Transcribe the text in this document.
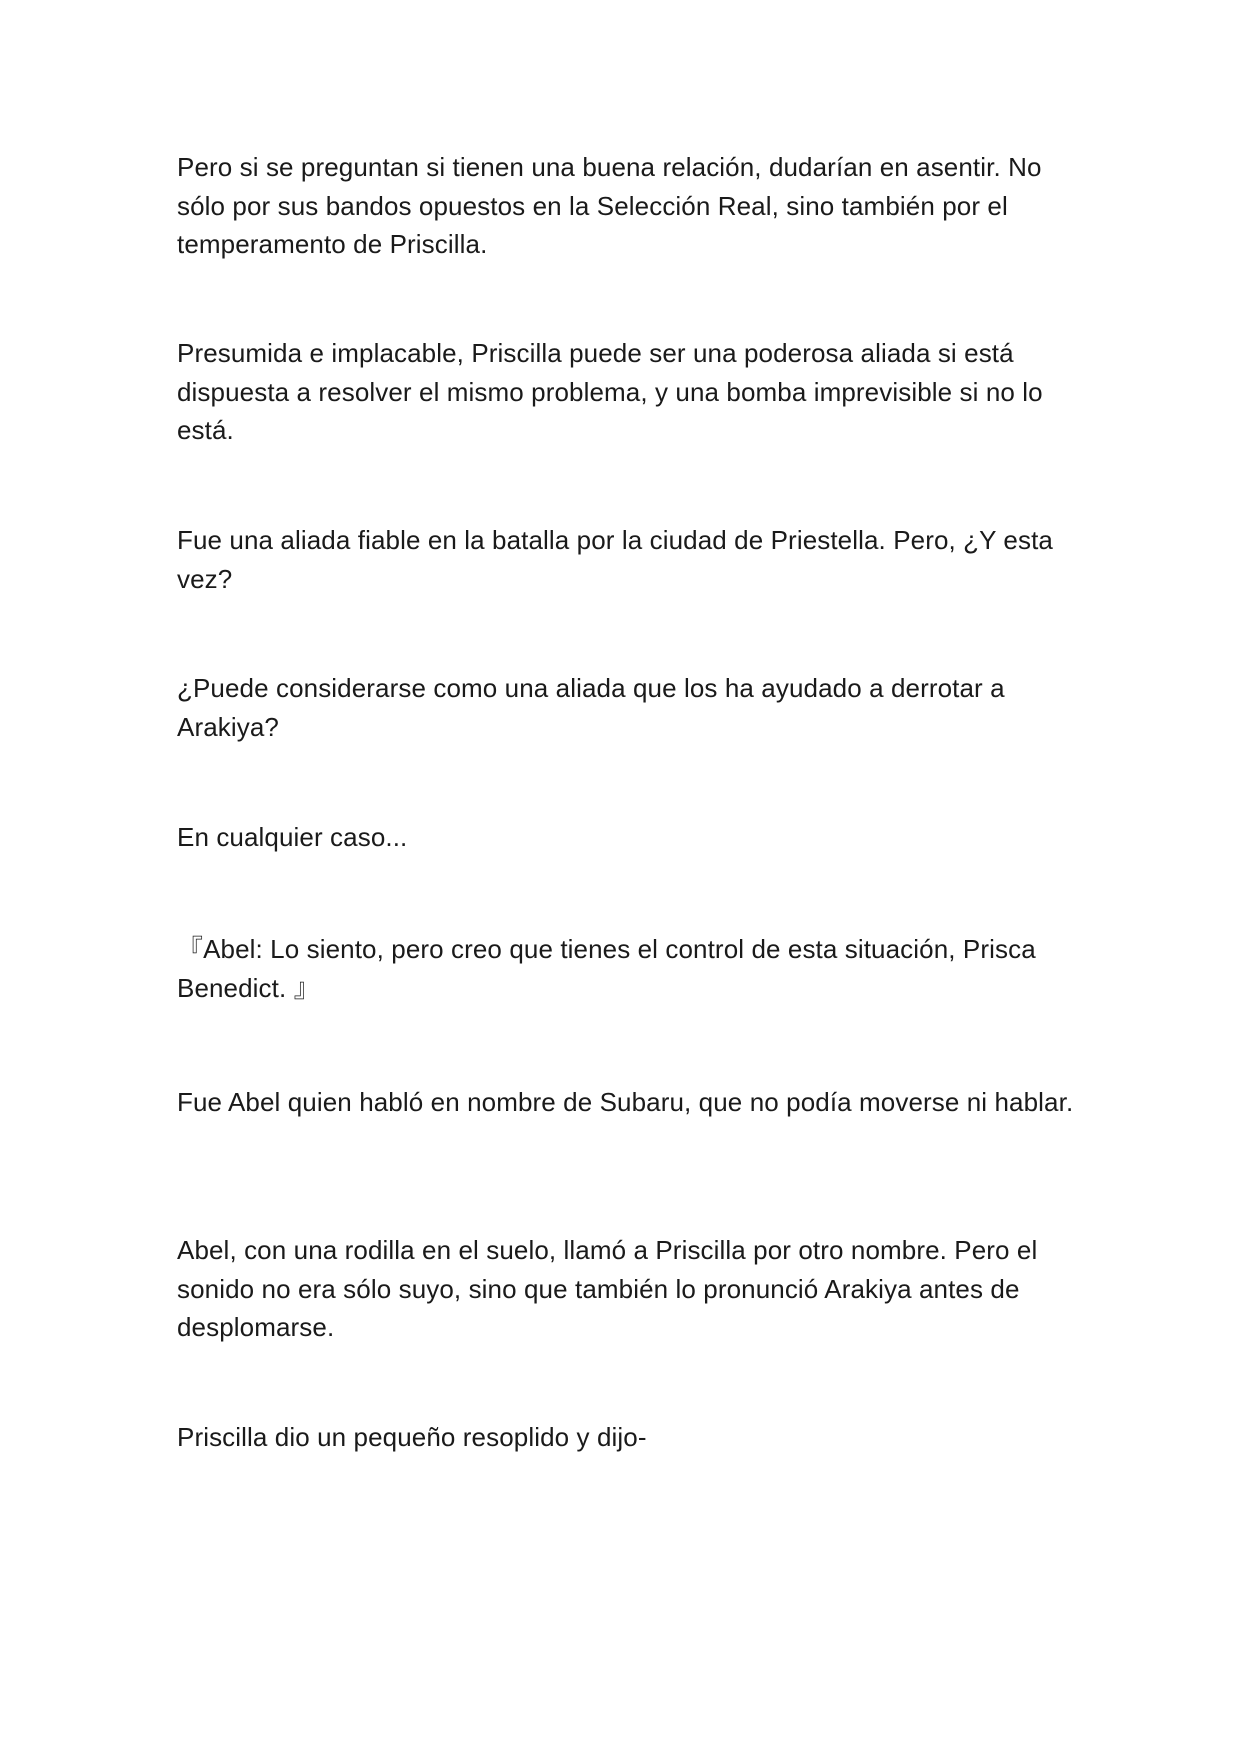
Pero si se preguntan si tienen una buena relación, dudarían en asentir. No sólo por sus bandos opuestos en la Selección Real, sino también por el temperamento de Priscilla.

Presumida e implacable, Priscilla puede ser una poderosa aliada si está dispuesta a resolver el mismo problema, y una bomba imprevisible si no lo está.

Fue una aliada fiable en la batalla por la ciudad de Priestella. Pero, ¿Y esta vez?

¿Puede considerarse como una aliada que los ha ayudado a derrotar a Arakiya?

En cualquier caso...

『Abel: Lo siento, pero creo que tienes el control de esta situación, Prisca Benedict. 』

Fue Abel quien habló en nombre de Subaru, que no podía moverse ni hablar.

Abel, con una rodilla en el suelo, llamó a Priscilla por otro nombre. Pero el sonido no era sólo suyo, sino que también lo pronunció Arakiya antes de desplomarse.

Priscilla dio un pequeño resoplido y dijo-
